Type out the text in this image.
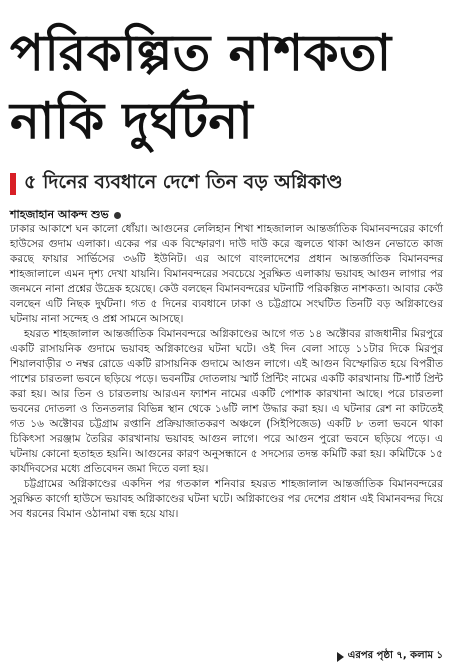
পরিকল্পিত নাশকতা
নাকি দুর্ঘটনা
৫ দিনের ব্যবধানে দেশে তিন বড় অগ্নিকাণ্ড
শাহজাহান আকন্দ শুভ

ঢাকার আকাশে ঘন কালো ধোঁয়া। আগুনের লেলিহান শিখা শাহজালাল আন্তর্জাতিক বিমানবন্দরের কার্গো হাউসের গুদাম এলাকা। একের পর এক বিস্ফোরণ। দাউ দাউ করে জ্বলতে থাকা আগুন নেভাতে কাজ করছে ফায়ার সার্ভিসের ৩৬টি ইউনিট। এর আগে বাংলাদেশের প্রধান আন্তর্জাতিক বিমানবন্দর শাহজালালে এমন দৃশ্য দেখা যায়নি। বিমানবন্দরের সবচেয়ে সুরক্ষিত এলাকায় ভয়াবহ আগুন লাগার পর জনমনে নানা প্রশ্নের উদ্রেক হয়েছে। কেউ বলছেন বিমানবন্দরের ঘটনাটি পরিকল্পিত নাশকতা। আবার কেউ বলছেন এটি নিছক দুর্ঘটনা। গত ৫ দিনের ব্যবধানে ঢাকা ও চট্টগ্রামে সংঘটিত তিনটি বড় অগ্নিকাণ্ডের ঘটনায় নানা সন্দেহ ও প্রশ্ন সামনে আসছে।

হযরত শাহজালাল আন্তর্জাতিক বিমানবন্দরে অগ্নিকাণ্ডের আগে গত ১৪ অক্টোবর রাজধানীর মিরপুরে একটি রাসায়নিক গুদামে ভয়াবহ অগ্নিকাণ্ডের ঘটনা ঘটে। ওই দিন বেলা সাড়ে ১১টার দিকে মিরপুর শিয়ালবাড়ীর ৩ নম্বর রোডে একটি রাসায়নিক গুদামে আগুন লাগে। এই আগুন বিস্ফোরিত হয়ে বিপরীত পাশের চারতলা ভবনে ছড়িয়ে পড়ে। ভবনটির দোতলায় স্মার্ট প্রিন্টিং নামের একটি কারখানায় টি-শার্ট প্রিন্ট করা হয়। আর তিন ও চারতলায় আরএন ফ্যাশন নামের একটি পোশাক কারখানা আছে। পরে চারতলা ভবনের দোতলা ও তিনতলার বিভিন্ন স্থান থেকে ১৬টি লাশ উদ্ধার করা হয়। এ ঘটনার রেশ না কাটতেই গত ১৬ অক্টোবর চট্টগ্রাম রপ্তানি প্রক্রিয়াজাতকরণ অঞ্চলে (সিইপিজেড) একটি ৮ তলা ভবনে থাকা চিকিৎসা সরঞ্জাম তৈরির কারখানায় ভয়াবহ আগুন লাগে। পরে আগুন পুরো ভবনে ছড়িয়ে পড়ে। এ ঘটনায় কোনো হতাহত হয়নি। আগুনের কারণ অনুসন্ধানে ৫ সদস্যের তদন্ত কমিটি করা হয়। কমিটিকে ১৫ কার্যদিবসের মধ্যে প্রতিবেদন জমা দিতে বলা হয়।

চট্টগ্রামের অগ্নিকাণ্ডের একদিন পর গতকাল শনিবার হযরত শাহজালাল আন্তর্জাতিক বিমানবন্দরের সুরক্ষিত কার্গো হাউসে ভয়াবহ অগ্নিকাণ্ডের ঘটনা ঘটে। অগ্নিকাণ্ডের পর দেশের প্রধান এই বিমানবন্দর দিয়ে সব ধরনের বিমান ওঠানামা বন্ধ হয়ে যায়।

এরপর পৃষ্ঠা ৭, কলাম ১
